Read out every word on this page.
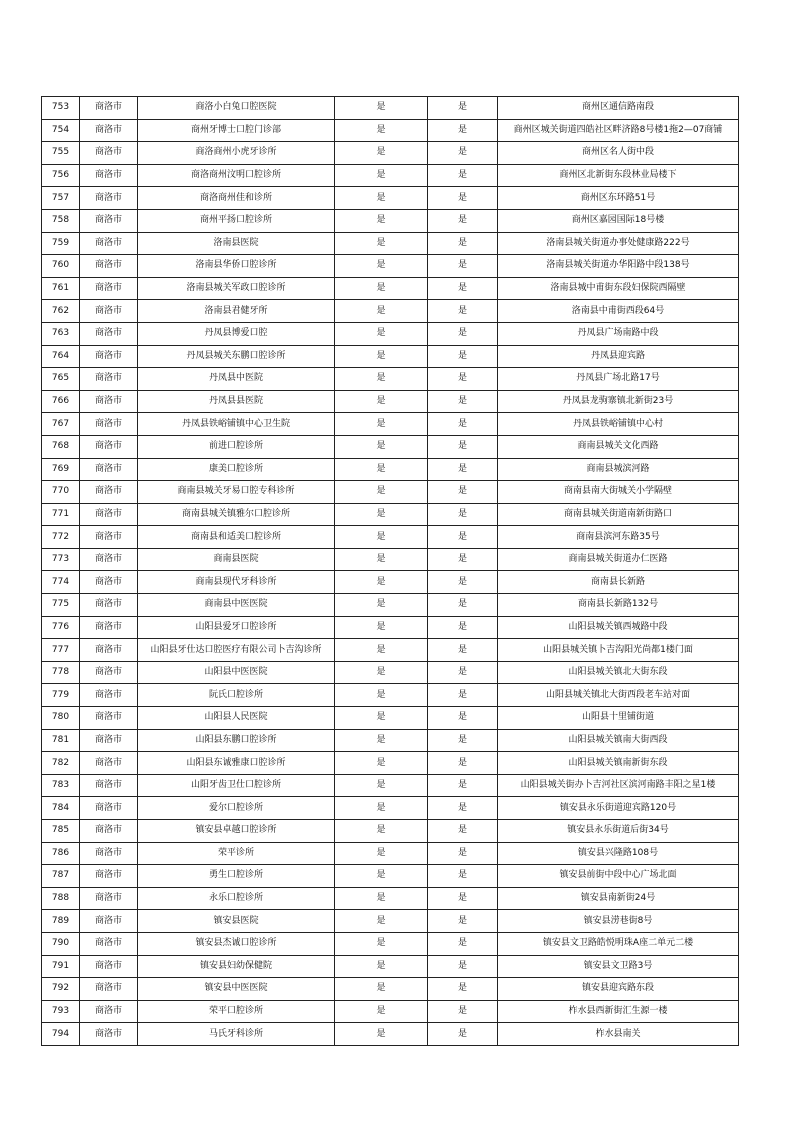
753	商洛市	商洛小白兔口腔医院	是	是	商州区通信路南段
754	商洛市	商州牙博士口腔门诊部	是	是	商州区城关街道四皓社区畔济路8号楼1拖2—07商铺
755	商洛市	商洛商州小虎牙诊所	是	是	商州区名人街中段
756	商洛市	商洛商州汶明口腔诊所	是	是	商州区北新街东段林业局楼下
757	商洛市	商洛商州佳和诊所	是	是	商州区东环路51号
758	商洛市	商州平扬口腔诊所	是	是	商州区嘉园国际18号楼
759	商洛市	洛南县医院	是	是	洛南县城关街道办事处健康路222号
760	商洛市	洛南县华侨口腔诊所	是	是	洛南县城关街道办华阳路中段138号
761	商洛市	洛南县城关军政口腔诊所	是	是	洛南县城中甫街东段妇保院西隔壁
762	商洛市	洛南县君健牙所	是	是	洛南县中甫街西段64号
763	商洛市	丹凤县博爱口腔	是	是	丹凤县广场南路中段
764	商洛市	丹凤县城关东鹏口腔诊所	是	是	丹凤县迎宾路
765	商洛市	丹凤县中医院	是	是	丹凤县广场北路17号
766	商洛市	丹凤县县医院	是	是	丹凤县龙驹寨镇北新街23号
767	商洛市	丹凤县铁峪铺镇中心卫生院	是	是	丹凤县铁峪铺镇中心村
768	商洛市	前进口腔诊所	是	是	商南县城关文化西路
769	商洛市	康美口腔诊所	是	是	商南县城滨河路
770	商洛市	商南县城关牙易口腔专科诊所	是	是	商南县南大街城关小学隔壁
771	商洛市	商南县城关镇雅尔口腔诊所	是	是	商南县城关街道南新街路口
772	商洛市	商南县和适美口腔诊所	是	是	商南县滨河东路35号
773	商洛市	商南县医院	是	是	商南县城关街道办仁医路
774	商洛市	商南县现代牙科诊所	是	是	商南县长新路
775	商洛市	商南县中医医院	是	是	商南县长新路132号
776	商洛市	山阳县爱牙口腔诊所	是	是	山阳县城关镇西城路中段
777	商洛市	山阳县牙仕达口腔医疗有限公司卜吉沟诊所	是	是	山阳县城关镇卜吉沟阳光尚都1楼门面
778	商洛市	山阳县中医医院	是	是	山阳县城关镇北大街东段
779	商洛市	阮氏口腔诊所	是	是	山阳县城关镇北大街西段老车站对面
780	商洛市	山阳县人民医院	是	是	山阳县十里铺街道
781	商洛市	山阳县东鹏口腔诊所	是	是	山阳县城关镇南大街西段
782	商洛市	山阳县东诚雅康口腔诊所	是	是	山阳县城关镇南新街东段
783	商洛市	山阳牙齿卫仕口腔诊所	是	是	山阳县城关街办卜吉河社区滨河南路丰阳之星1楼
784	商洛市	爱尔口腔诊所	是	是	镇安县永乐街道迎宾路120号
785	商洛市	镇安县卓越口腔诊所	是	是	镇安县永乐街道后街34号
786	商洛市	荣平诊所	是	是	镇安县兴隆路108号
787	商洛市	勇生口腔诊所	是	是	镇安县前街中段中心广场北面
788	商洛市	永乐口腔诊所	是	是	镇安县南新街24号
789	商洛市	镇安县医院	是	是	镇安县涝巷街8号
790	商洛市	镇安县杰诚口腔诊所	是	是	镇安县文卫路皓悦明珠A座二单元二楼
791	商洛市	镇安县妇幼保健院	是	是	镇安县文卫路3号
792	商洛市	镇安县中医医院	是	是	镇安县迎宾路东段
793	商洛市	荣平口腔诊所	是	是	柞水县西新街汇生源一楼
794	商洛市	马氏牙科诊所	是	是	柞水县南关
